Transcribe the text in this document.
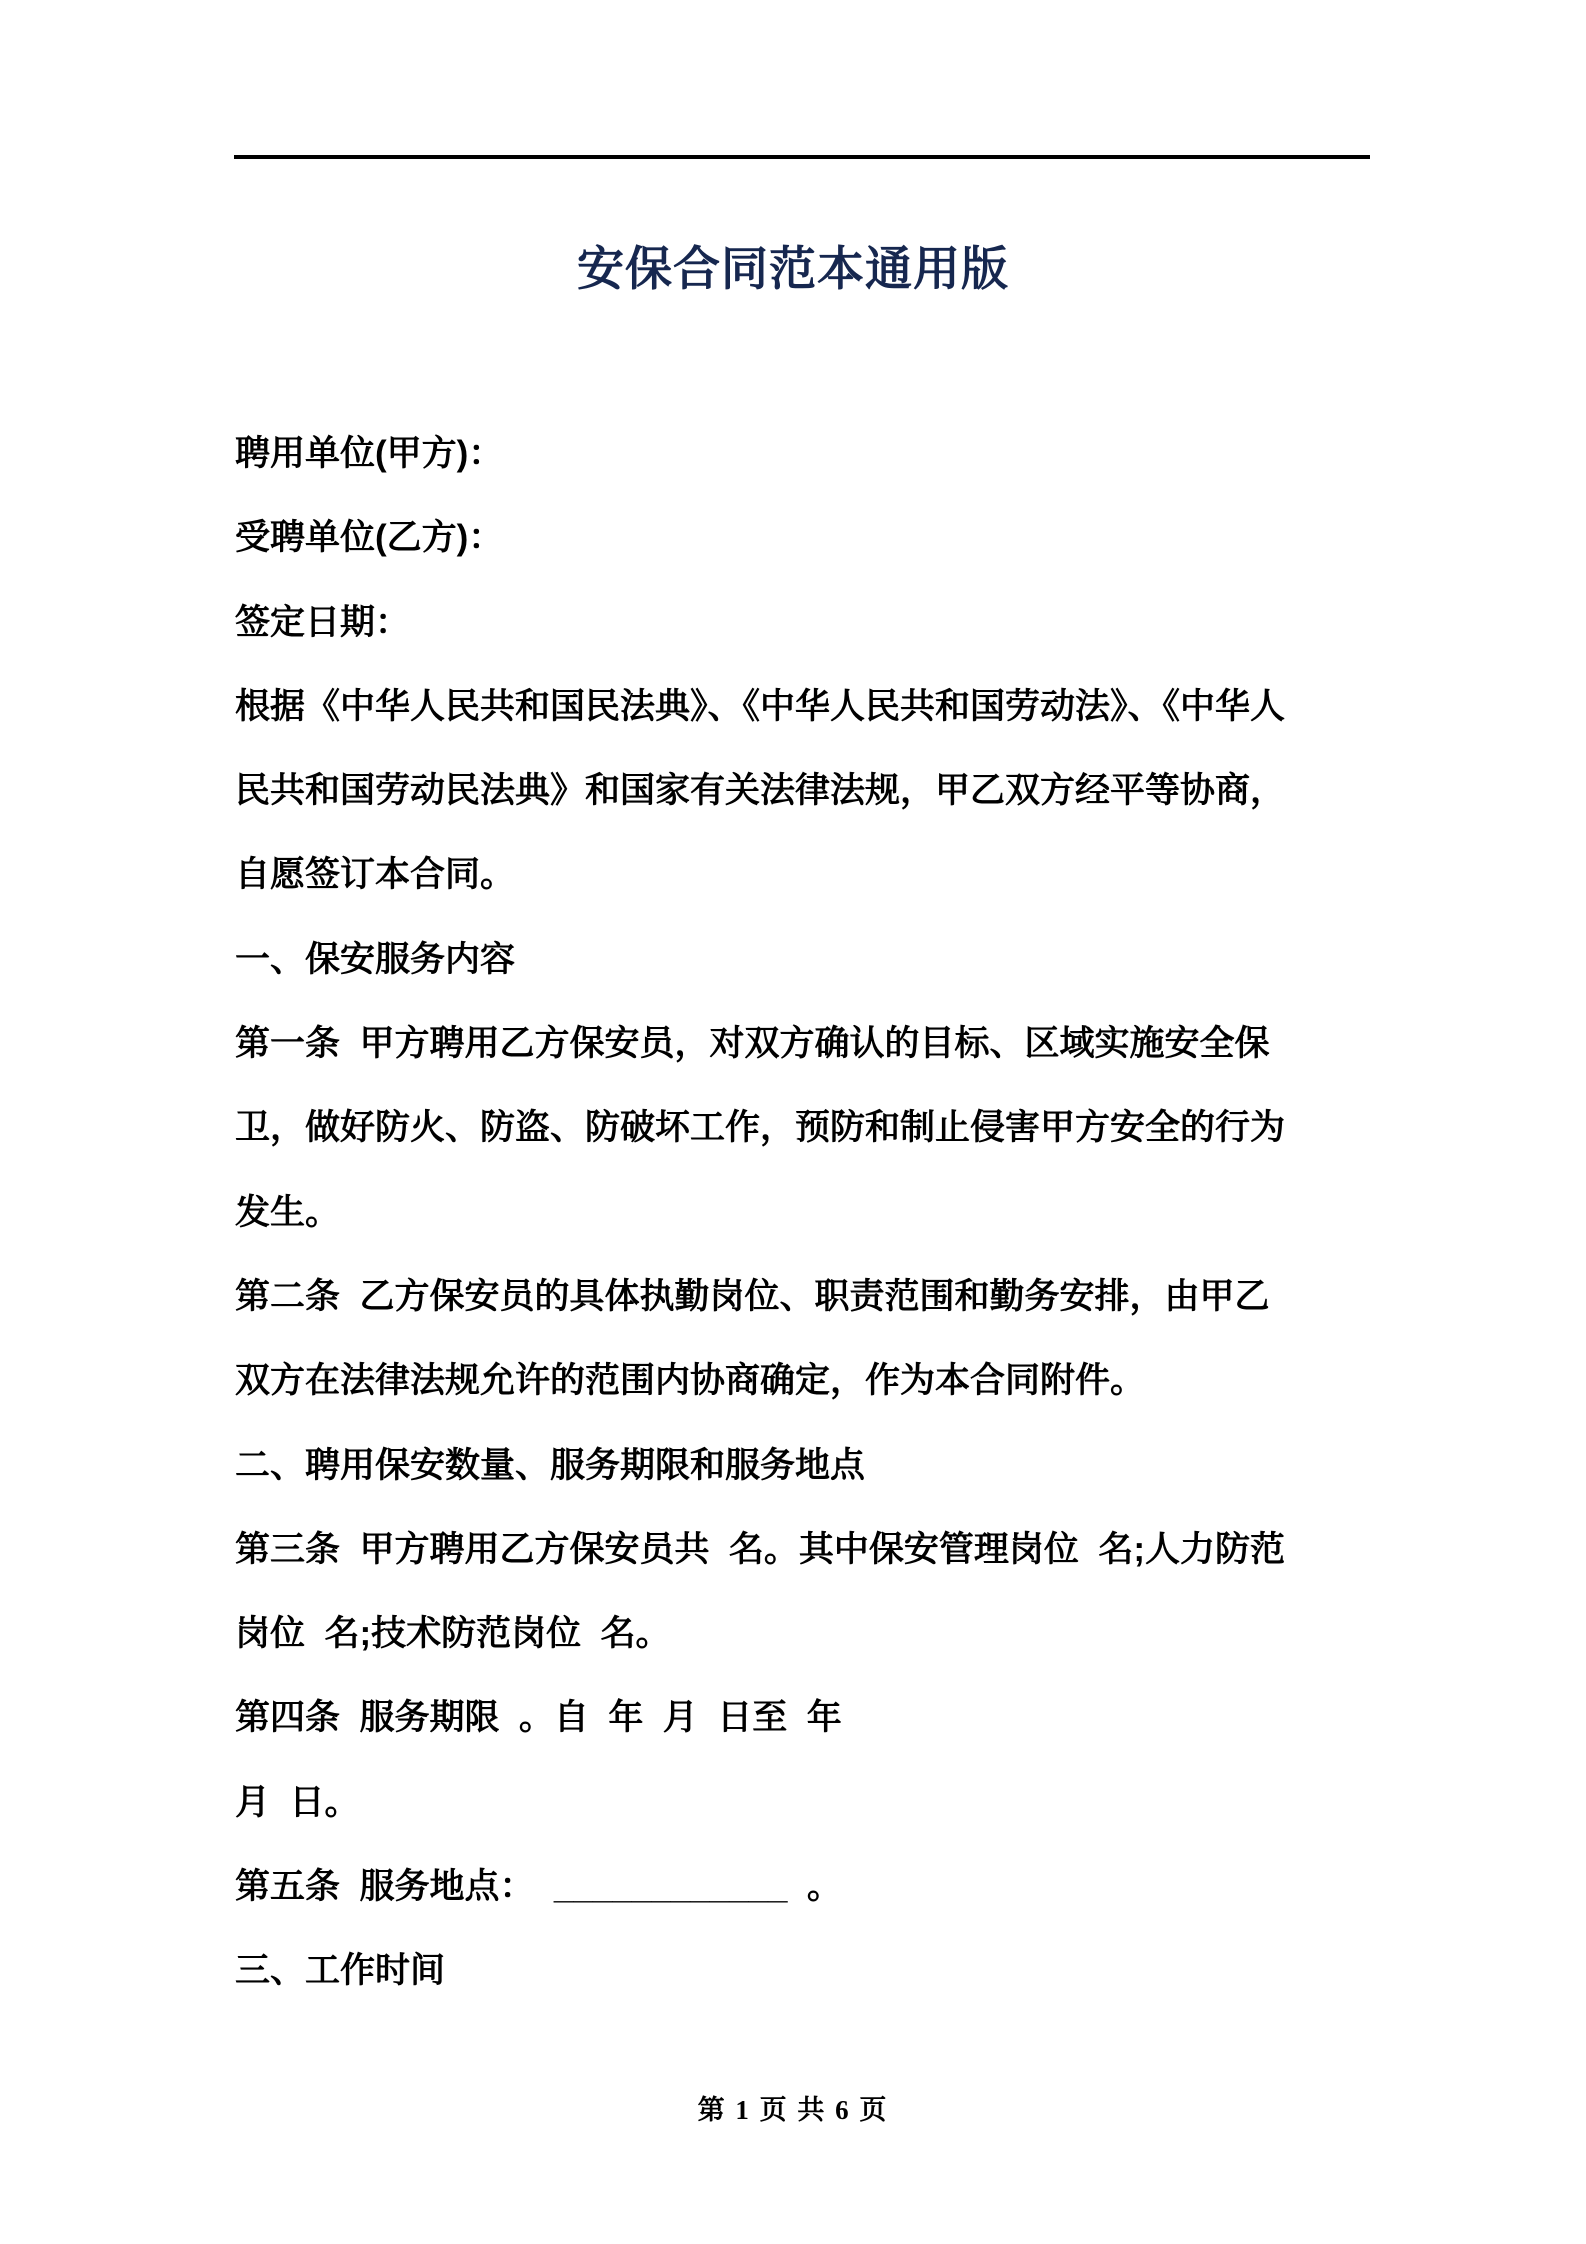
安保合同范本通用版
聘用单位(甲方)：
受聘单位(乙方)：
签定日期：
根据《中华人民共和国民法典》、《中华人民共和国劳动法》、《中华人
民共和国劳动民法典》和国家有关法律法规，甲乙双方经平等协商，
自愿签订本合同。
一、保安服务内容
第一条  甲方聘用乙方保安员，对双方确认的目标、区域实施安全保
卫，做好防火、防盗、防破坏工作，预防和制止侵害甲方安全的行为
发生。
第二条  乙方保安员的具体执勤岗位、职责范围和勤务安排，由甲乙
双方在法律法规允许的范围内协商确定，作为本合同附件。
二、聘用保安数量、服务期限和服务地点
第三条  甲方聘用乙方保安员共  名。其中保安管理岗位  名;人力防范
岗位  名;技术防范岗位  名。
第四条  服务期限  。自  年  月  日至  年
月  日。
第五条  服务地点：  ____________  。
三、工作时间
第 1 页 共 6 页
